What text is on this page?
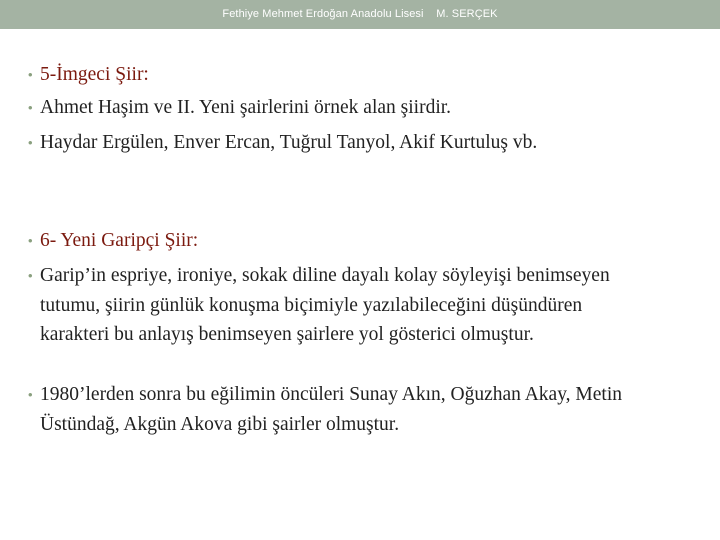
Fethiye Mehmet Erdoğan Anadolu Lisesi    M. SERÇEK
• 5-İmgeci Şiir:
• Ahmet Haşim ve II. Yeni şairlerini örnek alan şiirdir.
• Haydar Ergülen, Enver Ercan, Tuğrul Tanyol, Akif Kurtuluş vb.
• 6- Yeni Garipçi Şiir:
• Garip’in espriye, ironiye, sokak diline dayalı kolay söyleyişi benimseyen tutumu, şiirin günlük konuşma biçimiyle yazılabileceğini düşündüren karakteri bu anlayış benimseyen şairlere yol gösterici olmuştur.
• 1980’lerden sonra bu eğilimin öncüleri Sunay Akın, Oğuzhan Akay, Metin Üstündağ, Akgün Akova gibi şairler olmuştur.
